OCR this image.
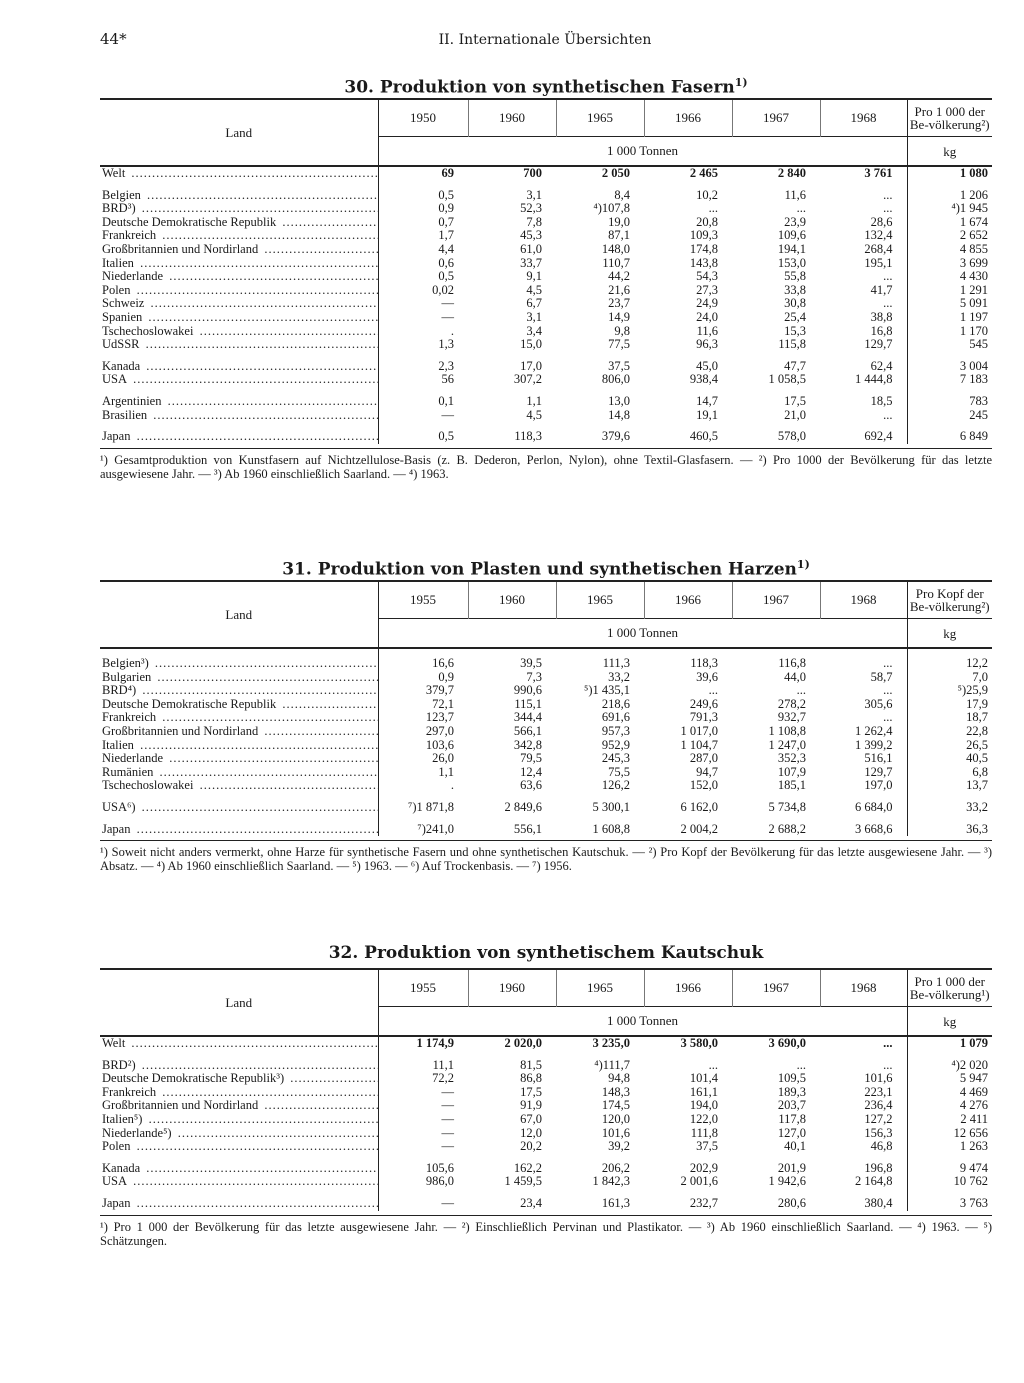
44*	II. Internationale Übersichten
30. Produktion von synthetischen Fasern$^{1)}$
Land	1950	1960	1965	1966	1967	1968	Pro 1 000 der Be-völkerung²)
	1 000 Tonnen						kg
Welt .....	69	700	2 050	2 465	2 840	3 761	1 080

Belgien .....	0,5	3,1	8,4	10,2	11,6	...	1 206
BRD³) .....	0,9	52,3	⁴)107,8	...	...	...	⁴)1 945
Deutsche Demokratische Republik .....	0,7	7,8	19,0	20,8	23,9	28,6	1 674
Frankreich .....	1,7	45,3	87,1	109,3	109,6	132,4	2 652
Großbritannien und Nordirland .....	4,4	61,0	148,0	174,8	194,1	268,4	4 855
Italien .....	0,6	33,7	110,7	143,8	153,0	195,1	3 699
Niederlande .....	0,5	9,1	44,2	54,3	55,8	...	4 430
Polen .....	0,02	4,5	21,6	27,3	33,8	41,7	1 291
Schweiz .....	—	6,7	23,7	24,9	30,8	...	5 091
Spanien .....	—	3,1	14,9	24,0	25,4	38,8	1 197
Tschechoslowakei .....	.	3,4	9,8	11,6	15,3	16,8	1 170
UdSSR .....	1,3	15,0	77,5	96,3	115,8	129,7	545

Kanada .....	2,3	17,0	37,5	45,0	47,7	62,4	3 004
USA .....	56	307,2	806,0	938,4	1 058,5	1 444,8	7 183

Argentinien .....	0,1	1,1	13,0	14,7	17,5	18,5	783
Brasilien .....	—	4,5	14,8	19,1	21,0	...	245

Japan .....	0,5	118,3	379,6	460,5	578,0	692,4	6 849
¹) Gesamtproduktion von Kunstfasern auf Nichtzellulose-Basis (z. B. Dederon, Perlon, Nylon), ohne Textil-Glasfasern. — ²) Pro 1000 der Bevölkerung für das letzte ausgewiesene Jahr. — ³) Ab 1960 einschließlich Saarland. — ⁴) 1963.
31. Produktion von Plasten und synthetischen Harzen$^{1)}$
Land	1955	1960	1965	1966	1967	1968	Pro Kopf der Be-völkerung²)
	1 000 Tonnen						kg

Belgien³) .....	16,6	39,5	111,3	118,3	116,8	...	12,2
Bulgarien .....	0,9	7,3	33,2	39,6	44,0	58,7	7,0
BRD⁴) .....	379,7	990,6	⁵)1 435,1	...	...	...	⁵)25,9
Deutsche Demokratische Republik .....	72,1	115,1	218,6	249,6	278,2	305,6	17,9
Frankreich .....	123,7	344,4	691,6	791,3	932,7	...	18,7
Großbritannien und Nordirland .....	297,0	566,1	957,3	1 017,0	1 108,8	1 262,4	22,8
Italien .....	103,6	342,8	952,9	1 104,7	1 247,0	1 399,2	26,5
Niederlande .....	26,0	79,5	245,3	287,0	352,3	516,1	40,5
Rumänien .....	1,1	12,4	75,5	94,7	107,9	129,7	6,8
Tschechoslowakei .....	.	63,6	126,2	152,0	185,1	197,0	13,7

USA⁶) .....	⁷)1 871,8	2 849,6	5 300,1	6 162,0	5 734,8	6 684,0	33,2

Japan .....	⁷)241,0	556,1	1 608,8	2 004,2	2 688,2	3 668,6	36,3
¹) Soweit nicht anders vermerkt, ohne Harze für synthetische Fasern und ohne synthetischen Kautschuk. — ²) Pro Kopf der Bevölkerung für das letzte ausgewiesene Jahr. — ³) Absatz. — ⁴) Ab 1960 einschließlich Saarland. — ⁵) 1963. — ⁶) Auf Trockenbasis. — ⁷) 1956.
32. Produktion von synthetischem Kautschuk
Land	1955	1960	1965	1966	1967	1968	Pro 1 000 der Be-völkerung¹)
	1 000 Tonnen						kg
Welt .....	1 174,9	2 020,0	3 235,0	3 580,0	3 690,0	...	1 079

BRD²) .....	11,1	81,5	⁴)111,7	...	...	...	⁴)2 020
Deutsche Demokratische Republik³) .....	72,2	86,8	94,8	101,4	109,5	101,6	5 947
Frankreich .....	—	17,5	148,3	161,1	189,3	223,1	4 469
Großbritannien und Nordirland .....	—	91,9	174,5	194,0	203,7	236,4	4 276
Italien⁵) .....	—	67,0	120,0	122,0	117,8	127,2	2 411
Niederlande⁵) .....	—	12,0	101,6	111,8	127,0	156,3	12 656
Polen .....	—	20,2	39,2	37,5	40,1	46,8	1 263

Kanada .....	105,6	162,2	206,2	202,9	201,9	196,8	9 474
USA .....	986,0	1 459,5	1 842,3	2 001,6	1 942,6	2 164,8	10 762

Japan .....	—	23,4	161,3	232,7	280,6	380,4	3 763
¹) Pro 1 000 der Bevölkerung für das letzte ausgewiesene Jahr. — ²) Einschließlich Pervinan und Plastikator. — ³) Ab 1960 einschließlich Saarland. — ⁴) 1963. — ⁵) Schätzungen.
